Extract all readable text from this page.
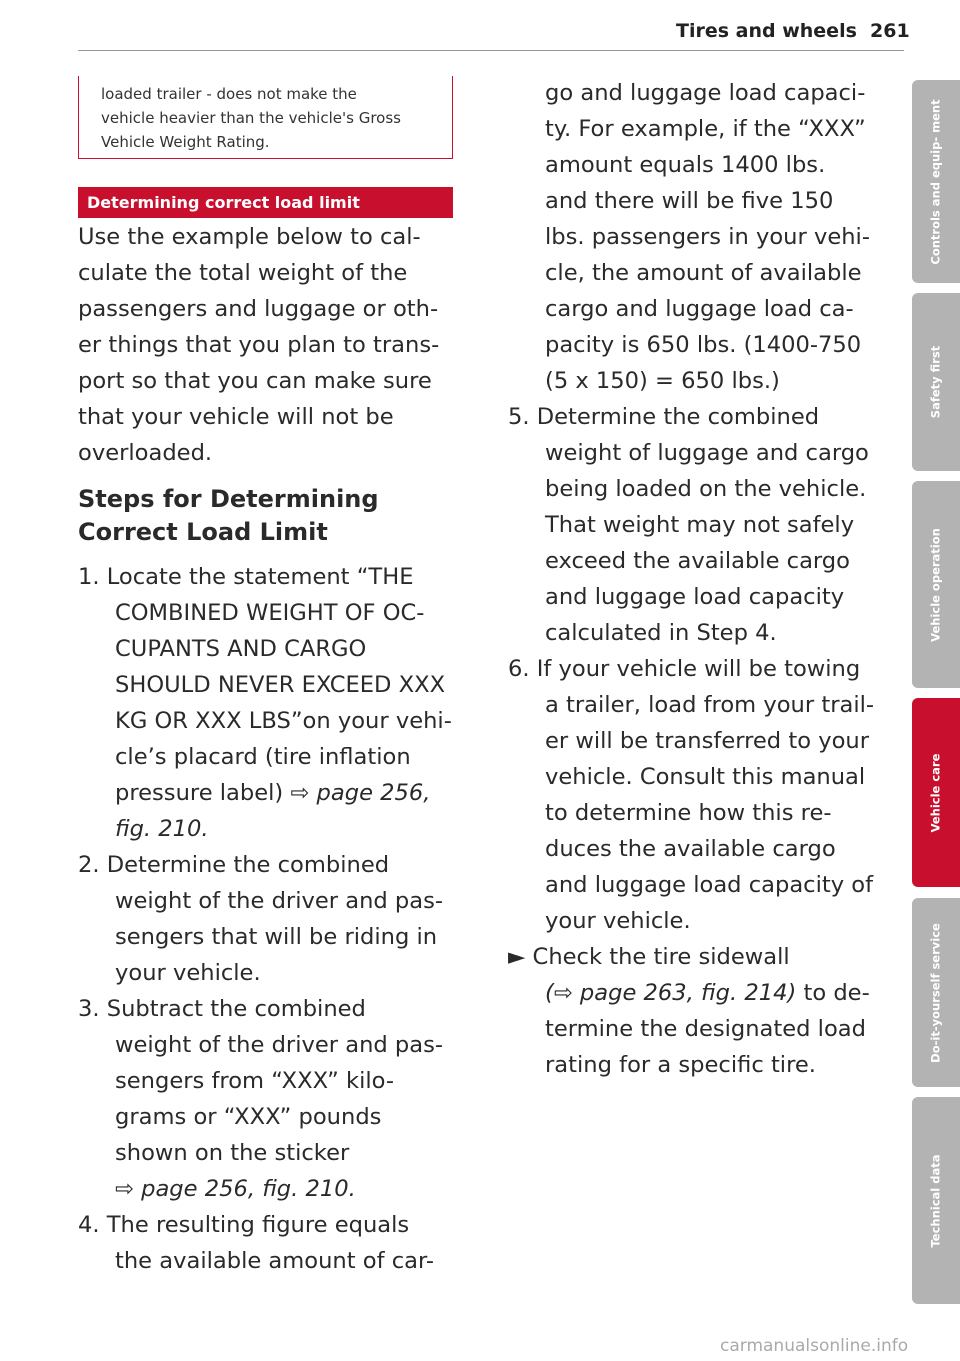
Tires and wheels 261
loaded trailer - does not make the
vehicle heavier than the vehicle's Gross
Vehicle Weight Rating.
Determining correct load limit
Use the example below to cal-
culate the total weight of the
passengers and luggage or oth-
er things that you plan to trans-
port so that you can make sure
that your vehicle will not be
overloaded.
Steps for Determining
Correct Load Limit
1. Locate the statement “THE
COMBINED WEIGHT OF OC-
CUPANTS AND CARGO
SHOULD NEVER EXCEED XXX
KG OR XXX LBS”on your vehi-
cle’s placard (tire inflation
pressure label) ⇨ page 256,
fig. 210.
2. Determine the combined
weight of the driver and pas-
sengers that will be riding in
your vehicle.
3. Subtract the combined
weight of the driver and pas-
sengers from “XXX” kilo-
grams or “XXX” pounds
shown on the sticker
⇨ page 256, fig. 210.
4. The resulting figure equals
the available amount of car-
go and luggage load capaci-
ty. For example, if the “XXX”
amount equals 1400 lbs.
and there will be five 150
lbs. passengers in your vehi-
cle, the amount of available
cargo and luggage load ca-
pacity is 650 lbs. (1400-750
(5 x 150) = 650 lbs.)
5. Determine the combined
weight of luggage and cargo
being loaded on the vehicle.
That weight may not safely
exceed the available cargo
and luggage load capacity
calculated in Step 4.
6. If your vehicle will be towing
a trailer, load from your trail-
er will be transferred to your
vehicle. Consult this manual
to determine how this re-
duces the available cargo
and luggage load capacity of
your vehicle.
► Check the tire sidewall
(⇨ page 263, fig. 214) to de-
termine the designated load
rating for a specific tire.
Controls and equip- ment
Safety first
Vehicle operation
Vehicle care
Do-it-yourself service
Technical data
carmanualsonline.info
